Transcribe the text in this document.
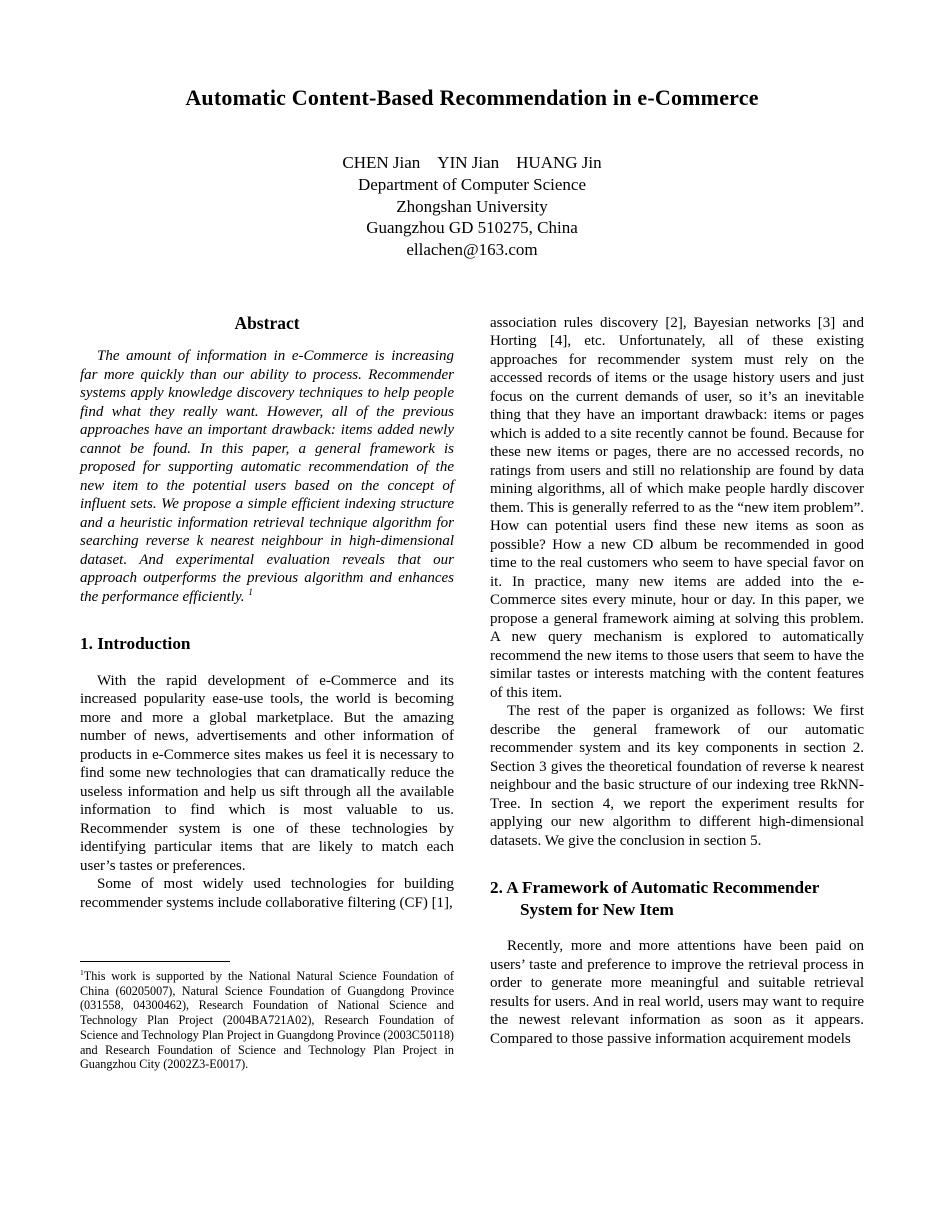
Automatic Content-Based Recommendation in e-Commerce
CHEN Jian YIN Jian HUANG Jin
Department of Computer Science
Zhongshan University
Guangzhou GD 510275, China
ellachen@163.com
Abstract

The amount of information in e-Commerce is increasing far more quickly than our ability to process. Recommender systems apply knowledge discovery techniques to help people find what they really want. However, all of the previous approaches have an important drawback: items added newly cannot be found. In this paper, a general framework is proposed for supporting automatic recommendation of the new item to the potential users based on the concept of influent sets. We propose a simple efficient indexing structure and a heuristic information retrieval technique algorithm for searching reverse k nearest neighbour in high-dimensional dataset. And experimental evaluation reveals that our approach outperforms the previous algorithm and enhances the performance efficiently. $^1$

1. Introduction

With the rapid development of e-Commerce and its increased popularity ease-use tools, the world is becoming more and more a global marketplace. But the amazing number of news, advertisements and other information of products in e-Commerce sites makes us feel it is necessary to find some new technologies that can dramatically reduce the useless information and help us sift through all the available information to find which is most valuable to us. Recommender system is one of these technologies by identifying particular items that are likely to match each user’s tastes or preferences.

Some of most widely used technologies for building recommender systems include collaborative filtering (CF) [1],

$^1$This work is supported by the National Natural Science Foundation of China (60205007), Natural Science Foundation of Guangdong Province (031558, 04300462), Research Foundation of National Science and Technology Plan Project (2004BA721A02), Research Foundation of Science and Technology Plan Project in Guangdong Province (2003C50118) and Research Foundation of Science and Technology Plan Project in Guangzhou City (2002Z3-E0017).

association rules discovery [2], Bayesian networks [3] and Horting [4], etc. Unfortunately, all of these existing approaches for recommender system must rely on the accessed records of items or the usage history users and just focus on the current demands of user, so it’s an inevitable thing that they have an important drawback: items or pages which is added to a site recently cannot be found. Because for these new items or pages, there are no accessed records, no ratings from users and still no relationship are found by data mining algorithms, all of which make people hardly discover them. This is generally referred to as the “new item problem”. How can potential users find these new items as soon as possible? How a new CD album be recommended in good time to the real customers who seem to have special favor on it. In practice, many new items are added into the e-Commerce sites every minute, hour or day. In this paper, we propose a general framework aiming at solving this problem. A new query mechanism is explored to automatically recommend the new items to those users that seem to have the similar tastes or interests matching with the content features of this item.

The rest of the paper is organized as follows: We first describe the general framework of our automatic recommender system and its key components in section 2. Section 3 gives the theoretical foundation of reverse k nearest neighbour and the basic structure of our indexing tree RkNN-Tree. In section 4, we report the experiment results for applying our new algorithm to different high-dimensional datasets. We give the conclusion in section 5.

2. A Framework of Automatic Recommender System for New Item

Recently, more and more attentions have been paid on users’ taste and preference to improve the retrieval process in order to generate more meaningful and suitable retrieval results for users. And in real world, users may want to require the newest relevant information as soon as it appears. Compared to those passive information acquirement models
